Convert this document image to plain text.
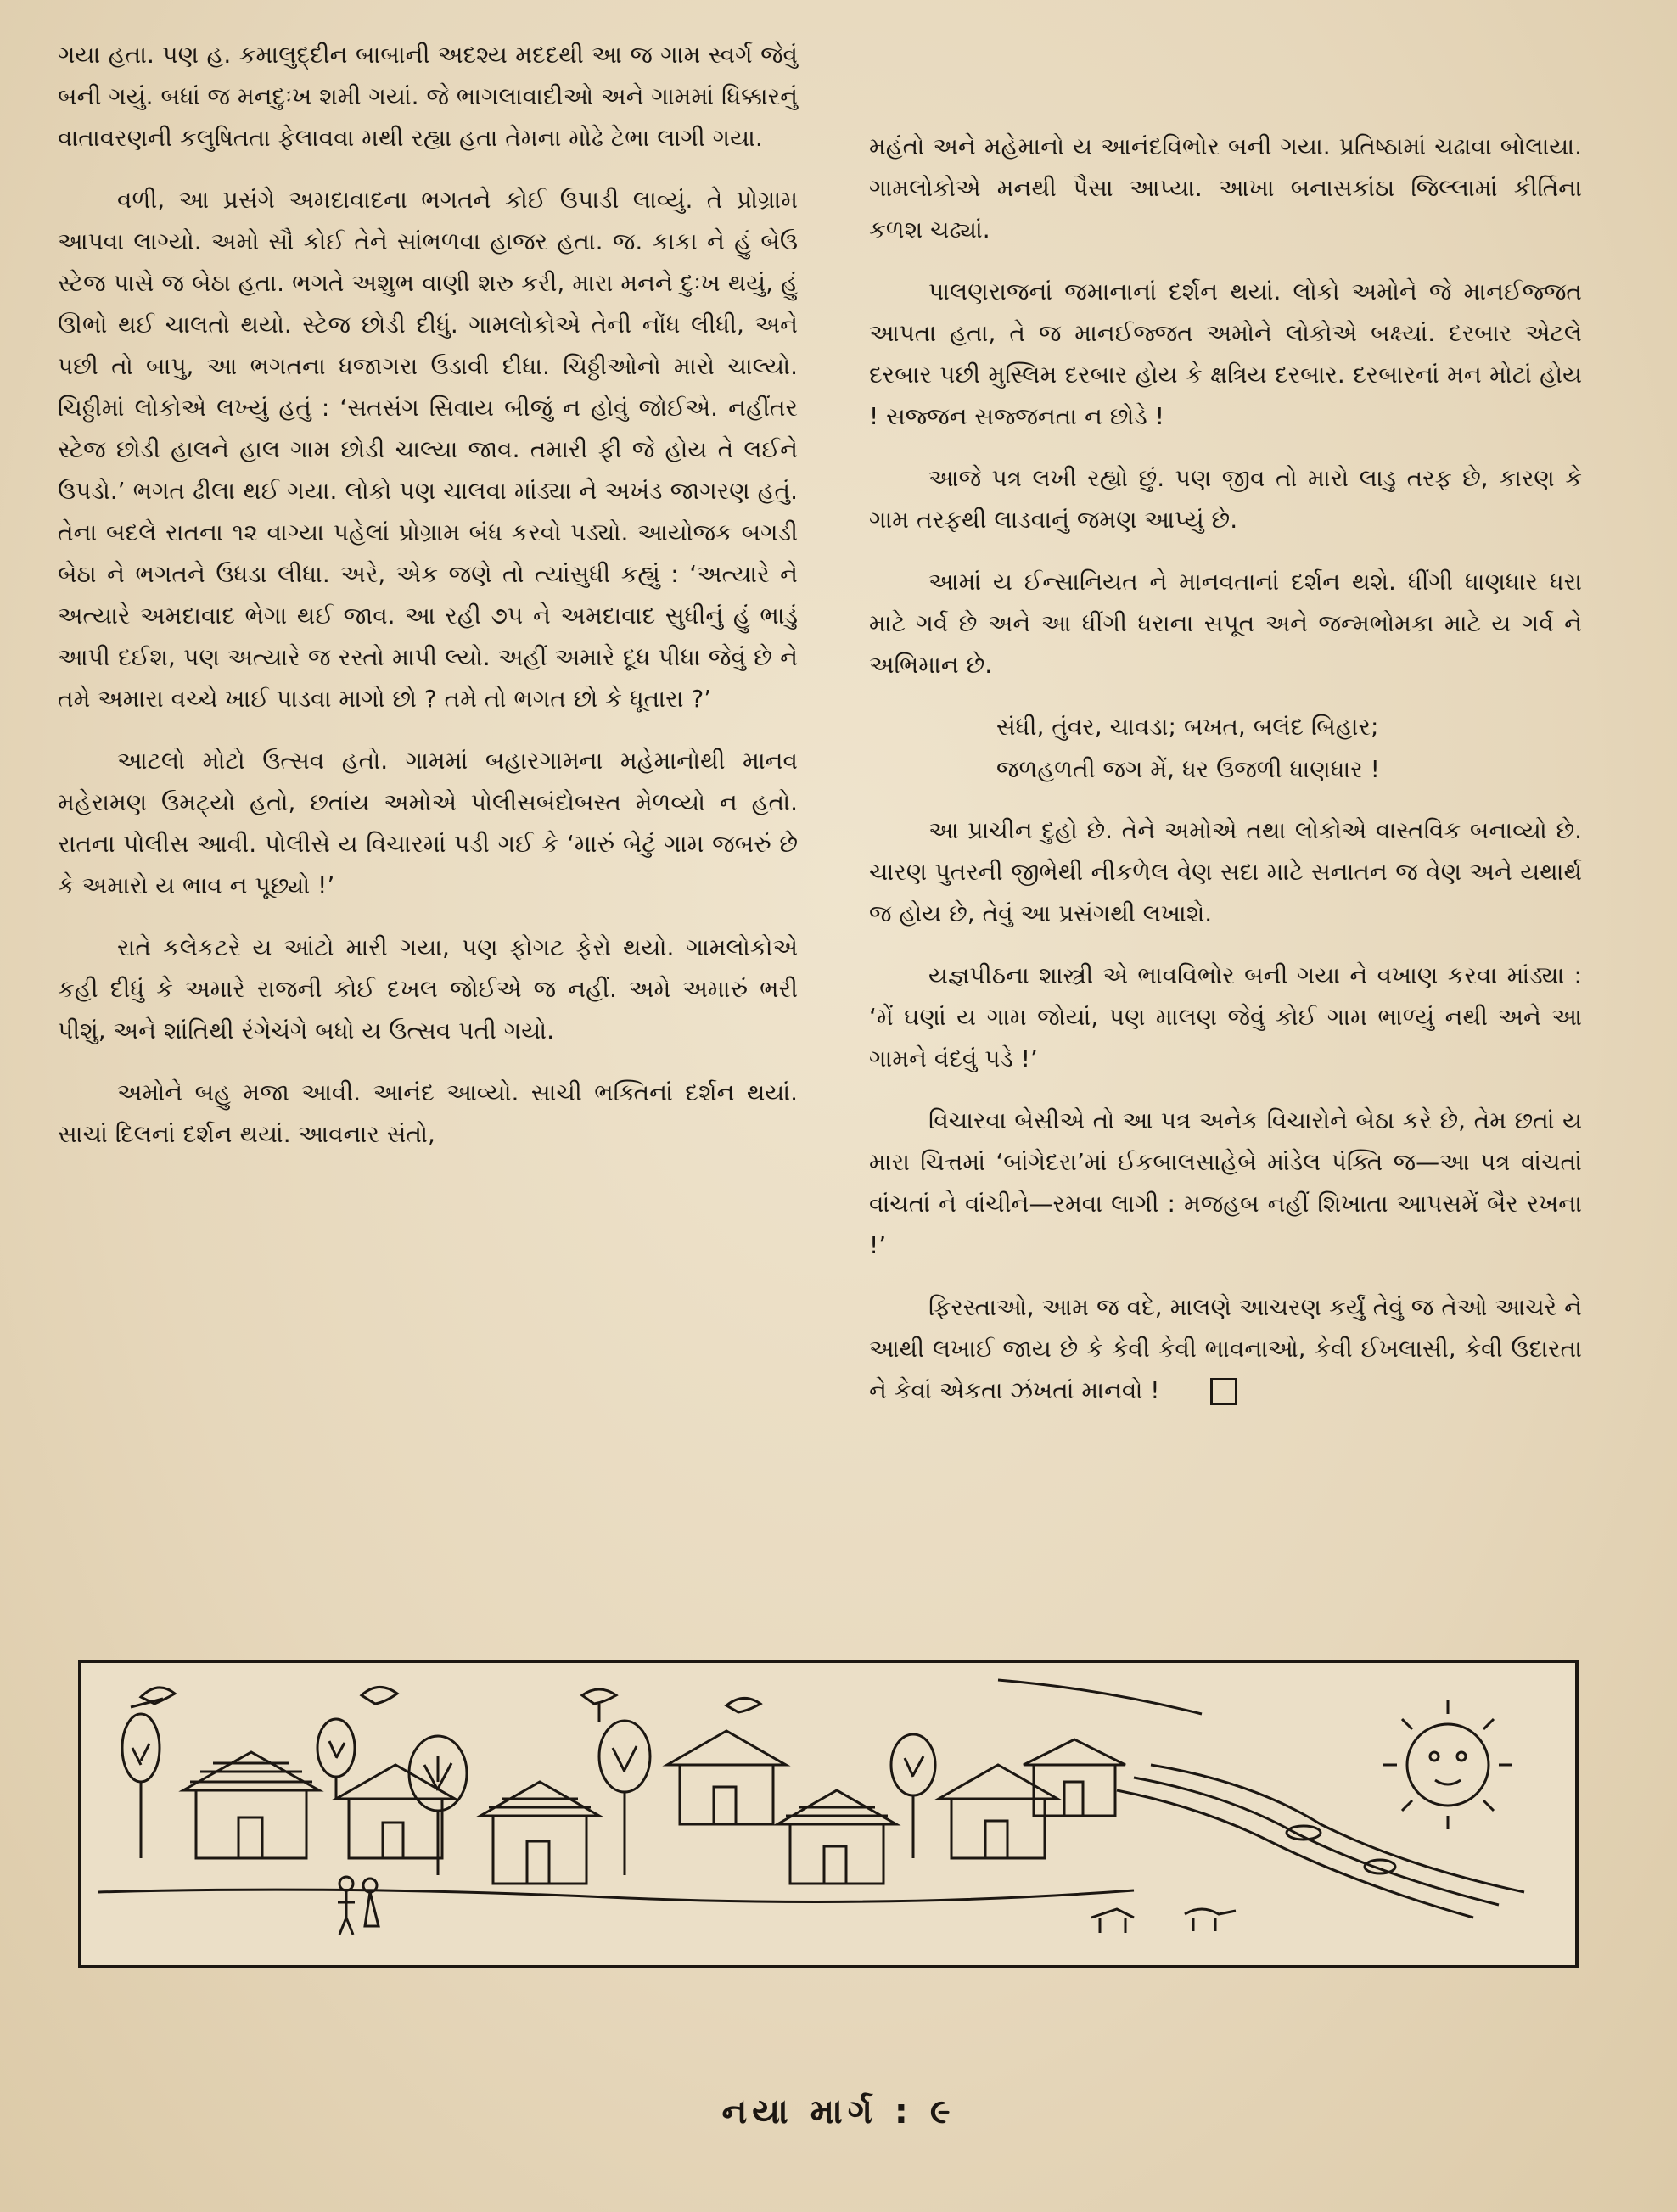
ગયા હતા. પણ હ. કમાલુદ્દીન બાબાની અદશ્ય મદદથી આ જ ગામ સ્વર્ગ જેવું બની ગયું. બધાં જ મનદુઃખ શમી ગયાં. જે ભાગલાવાદીઓ અને ગામમાં ધિક્કારનું વાતાવરણની કલુષિતતા ફેલાવવા મથી રહ્યા હતા તેમના મોઢે ટેભા લાગી ગયા.

વળી, આ પ્રસંગે અમદાવાદના ભગતને કોઈ ઉપાડી લાવ્યું. તે પ્રોગ્રામ આપવા લાગ્યો. અમો સૌ કોઈ તેને સાંભળવા હાજર હતા. જ. કાકા ને હું બેઉ સ્ટેજ પાસે જ બેઠા હતા. ભગતે અશુભ વાણી શરુ કરી, મારા મનને દુઃખ થયું, હું ઊભો થઈ ચાલતો થયો. સ્ટેજ છોડી દીધું. ગામલોકોએ તેની નોંધ લીધી, અને પછી તો બાપુ, આ ભગતના ધજાગરા ઉડાવી દીધા. ચિઠ્ઠીઓનો મારો ચાલ્યો. ચિઠ્ઠીમાં લોકોએ લખ્યું હતું : ‘સતસંગ સિવાય બીજું ન હોવું જોઈએ. નહીંતર સ્ટેજ છોડી હાલને હાલ ગામ છોડી ચાલ્યા જાવ. તમારી ફી જે હોય તે લઈને ઉપડો.’ ભગત ઢીલા થઈ ગયા. લોકો પણ ચાલવા માંડ્યા ને અખંડ જાગરણ હતું. તેના બદલે રાતના ૧૨ વાગ્યા પહેલાં પ્રોગ્રામ બંધ કરવો પડ્યો. આયોજક બગડી બેઠા ને ભગતને ઉધડા લીધા. અરે, એક જણે તો ત્યાંસુધી કહ્યું : ‘અત્યારે ને અત્યારે અમદાવાદ ભેગા થઈ જાવ. આ રહી ૭૫ ને અમદાવાદ સુધીનું હું ભાડું આપી દઈશ, પણ અત્યારે જ રસ્તો માપી લ્યો. અહીં અમારે દૂધ પીધા જેવું છે ને તમે અમારા વચ્ચે ખાઈ પાડવા માગો છો ? તમે તો ભગત છો કે ધૂતારા ?’

આટલો મોટો ઉત્સવ હતો. ગામમાં બહારગામના મહેમાનોથી માનવ મહેરામણ ઉમટ્યો હતો, છતાંય અમોએ પોલીસબંદોબસ્ત મેળવ્યો ન હતો. રાતના પોલીસ આવી. પોલીસે ય વિચારમાં પડી ગઈ કે ‘મારું બેટું ગામ જબરું છે કે અમારો ય ભાવ ન પૂછ્યો !’

રાતે કલેકટરે ય આંટો મારી ગયા, પણ ફોગટ ફેરો થયો. ગામલોકોએ કહી દીધું કે અમારે રાજની કોઈ દખલ જોઈએ જ નહીં. અમે અમારું ભરી પીશું, અને શાંતિથી રંગેચંગે બધો ય ઉત્સવ પતી ગયો.

અમોને બહુ મજા આવી. આનંદ આવ્યો. સાચી ભક્તિનાં દર્શન થયાં. સાચાં દિલનાં દર્શન થયાં. આવનાર સંતો,

મહંતો અને મહેમાનો ય આનંદવિભોર બની ગયા. પ્રતિષ્ઠામાં ચઢાવા બોલાયા. ગામલોકોએ મનથી પૈસા આપ્યા. આખા બનાસકાંઠા જિલ્લામાં કીર્તિના કળશ ચઢ્યાં.

પાલણરાજનાં જમાનાનાં દર્શન થયાં. લોકો અમોને જે માનઈજ્જત આપતા હતા, તે જ માનઈજ્જત અમોને લોકોએ બક્ષ્યાં. દરબાર એટલે દરબાર પછી મુસ્લિમ દરબાર હોય કે ક્ષત્રિય દરબાર. દરબારનાં મન મોટાં હોય ! સજ્જન સજ્જનતા ન છોડે !

આજે પત્ર લખી રહ્યો છું. પણ જીવ તો મારો લાડુ તરફ છે, કારણ કે ગામ તરફથી લાડવાનું જમણ આપ્યું છે.

આમાં ય ઈન્સાનિયત ને માનવતાનાં દર્શન થશે. ધીંગી ધાણધાર ધરા માટે ગર્વ છે અને આ ધીંગી ધરાના સપૂત અને જન્મભોમકા માટે ય ગર્વ ને અભિમાન છે.

સંધી, તુંવર, ચાવડા; બખત, બલંદ બિહાર;
જળહળતી જગ મેં, ધર ઉજળી ધાણધાર !

આ પ્રાચીન દુહો છે. તેને અમોએ તથા લોકોએ વાસ્તવિક બનાવ્યો છે. ચારણ પુતરની જીભેથી નીકળેલ વેણ સદા માટે સનાતન જ વેણ અને યથાર્થ જ હોય છે, તેવું આ પ્રસંગથી લખાશે.

યજ્ઞપીઠના શાસ્ત્રી એ ભાવવિભોર બની ગયા ને વખાણ કરવા માંડ્યા : ‘મેં ઘણાં ય ગામ જોયાં, પણ માલણ જેવું કોઈ ગામ ભાળ્યું નથી અને આ ગામને વંદવું પડે !’

વિચારવા બેસીએ તો આ પત્ર અનેક વિચારોને બેઠા કરે છે, તેમ છતાં ય મારા ચિત્તમાં ‘બાંગેદરા’માં ઈકબાલસાહેબે માંડેલ પંક્તિ જ—આ પત્ર વાંચતાં વાંચતાં ને વાંચીને—રમવા લાગી : મજહબ નહીં શિખાતા આપસમેં બૈર રખના !’

ફિરસ્તાઓ, આમ જ વદે, માલણે આચરણ કર્યું તેવું જ તેઓ આચરે ને આથી લખાઈ જાય છે કે કેવી કેવી ભાવનાઓ, કેવી ઈખલાસી, કેવી ઉદારતા ને કેવાં એકતા ઝંખતાં માનવો !

નયા માર્ગ : ૯
